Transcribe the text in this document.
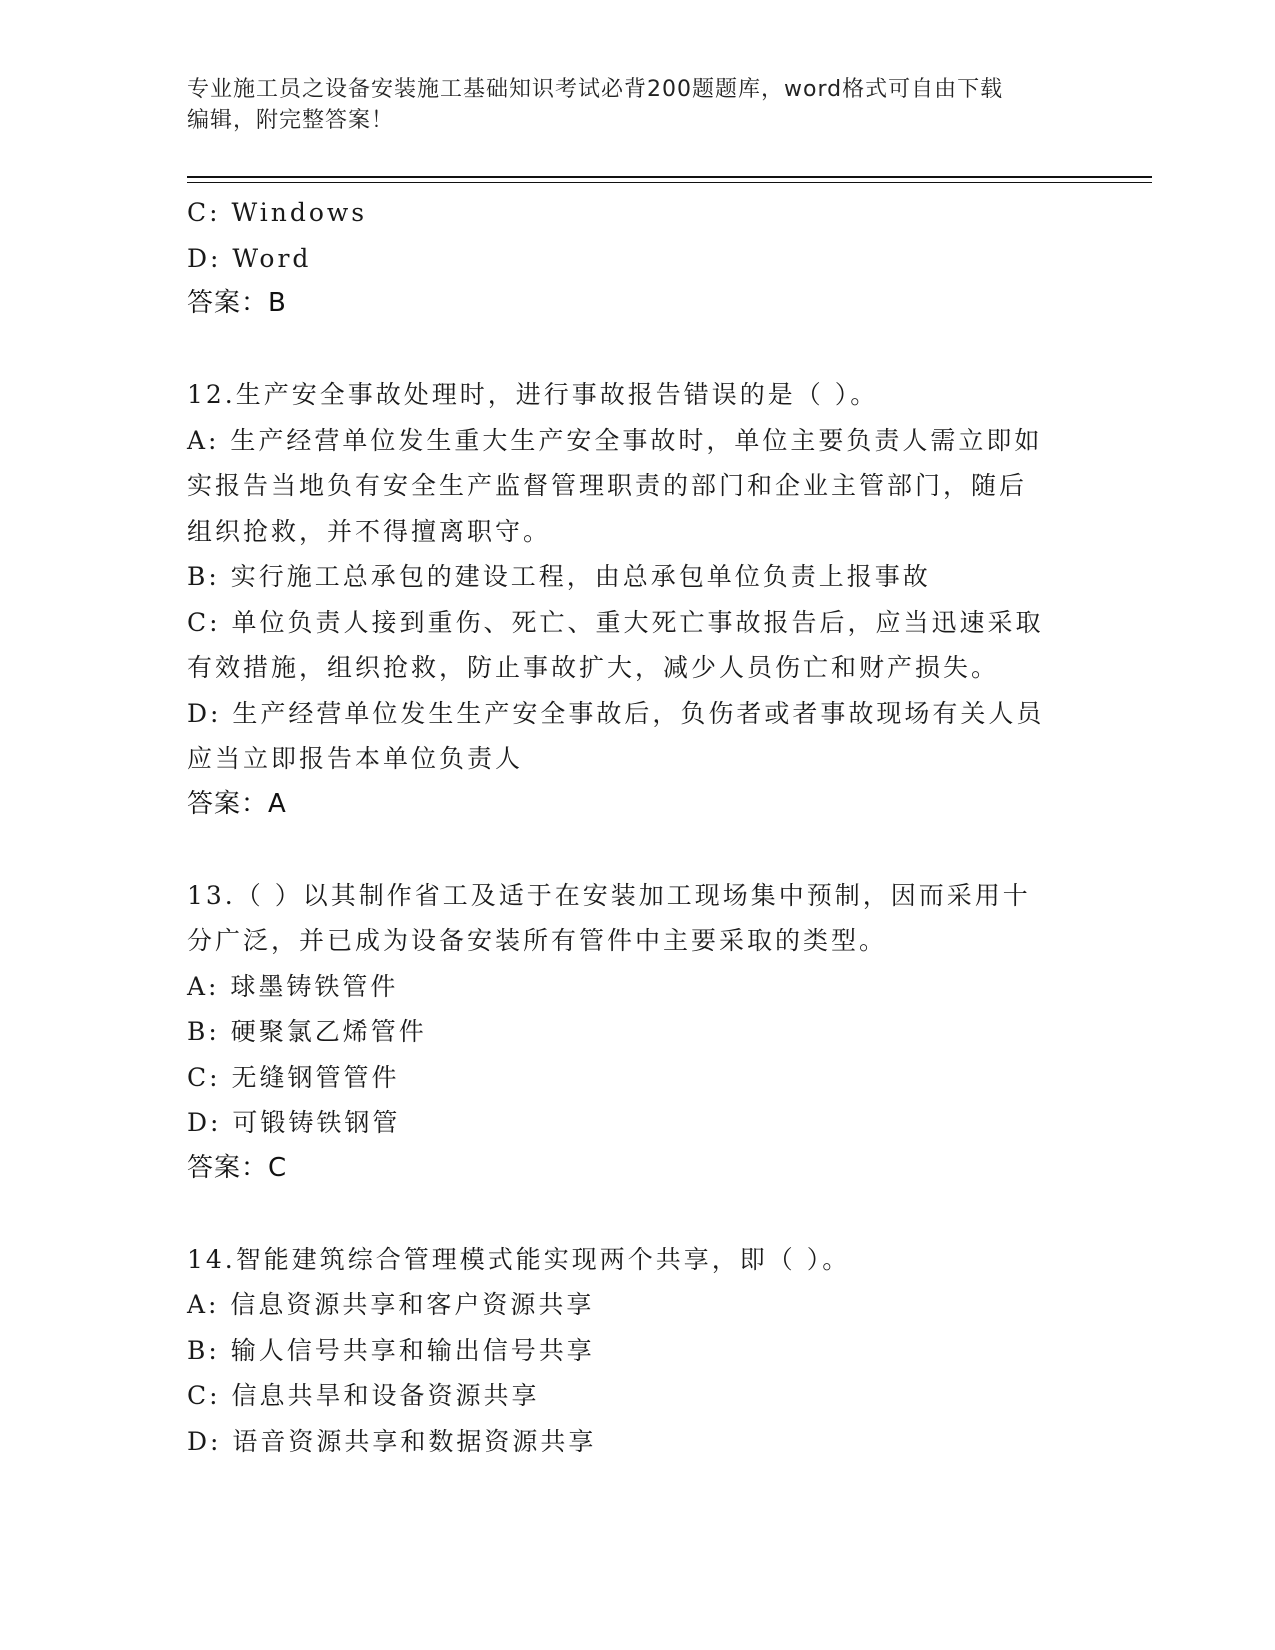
专业施工员之设备安装施工基础知识考试必背200题题库，word格式可自由下载
编辑，附完整答案！
C: Windows
D: Word
答案：B
12.生产安全事故处理时，进行事故报告错误的是（ ）。
A: 生产经营单位发生重大生产安全事故时，单位主要负责人需立即如
实报告当地负有安全生产监督管理职责的部门和企业主管部门，随后
组织抢救，并不得擅离职守。
B: 实行施工总承包的建设工程，由总承包单位负责上报事故
C: 单位负责人接到重伤、死亡、重大死亡事故报告后，应当迅速采取
有效措施，组织抢救，防止事故扩大，减少人员伤亡和财产损失。
D: 生产经营单位发生生产安全事故后，负伤者或者事故现场有关人员
应当立即报告本单位负责人
答案：A
13.（ ）以其制作省工及适于在安装加工现场集中预制，因而采用十
分广泛，并已成为设备安装所有管件中主要采取的类型。
A: 球墨铸铁管件
B: 硬聚氯乙烯管件
C: 无缝钢管管件
D: 可锻铸铁钢管
答案：C
14.智能建筑综合管理模式能实现两个共享，即（ ）。
A: 信息资源共享和客户资源共享
B: 输人信号共享和输出信号共享
C: 信息共旱和设备资源共享
D: 语音资源共享和数据资源共享
